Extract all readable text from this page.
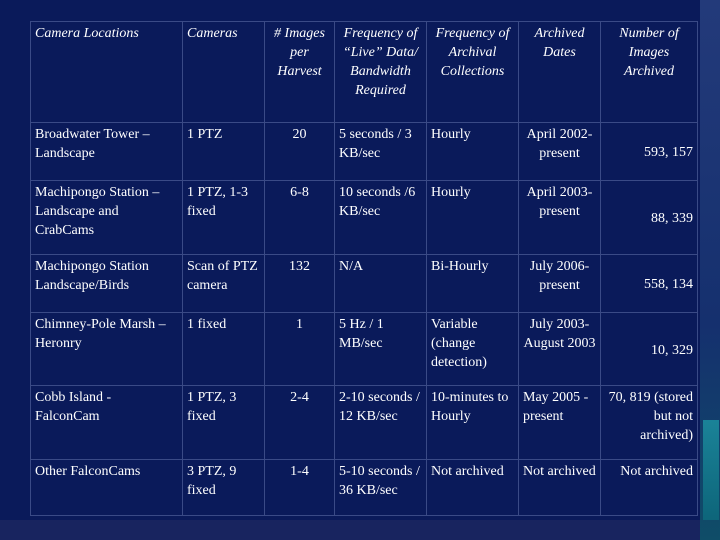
Camera Locations	Cameras	# Images per Harvest	Frequency of “Live” Data/ Bandwidth Required	Frequency of Archival Collections	Archived Dates	Number of Images Archived
Broadwater Tower – Landscape	1 PTZ	20	5 seconds / 3 KB/sec	Hourly	April 2002- present	593, 157
Machipongo Station – Landscape and CrabCams	1 PTZ, 1-3 fixed	6-8	10 seconds /6 KB/sec	Hourly	April 2003- present	88, 339
Machipongo Station Landscape/Birds	Scan of PTZ camera	132	N/A	Bi-Hourly	July 2006- present	558, 134
Chimney-Pole Marsh – Heronry	1 fixed	1	5 Hz / 1 MB/sec	Variable (change detection)	July 2003- August 2003	10, 329
Cobb Island - FalconCam	1 PTZ, 3 fixed	2-4	2-10 seconds / 12 KB/sec	10-minutes to Hourly	May 2005 - present	70, 819 (stored but not archived)
Other FalconCams	3 PTZ, 9 fixed	1-4	5-10 seconds / 36 KB/sec	Not archived	Not archived	Not archived
